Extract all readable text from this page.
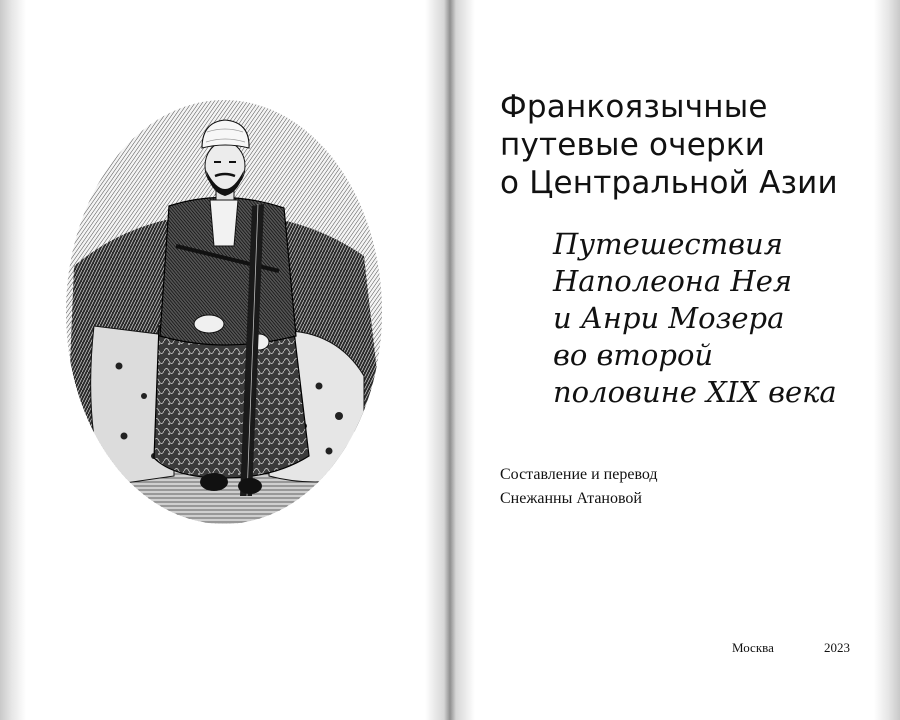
Франкоязычные
путевые очерки
о Центральной Азии
Путешествия
Наполеона Нея
и Анри Мозера
во второй
половине XIX века
Составление и перевод
Снежанны Атановой
Москва	2023
